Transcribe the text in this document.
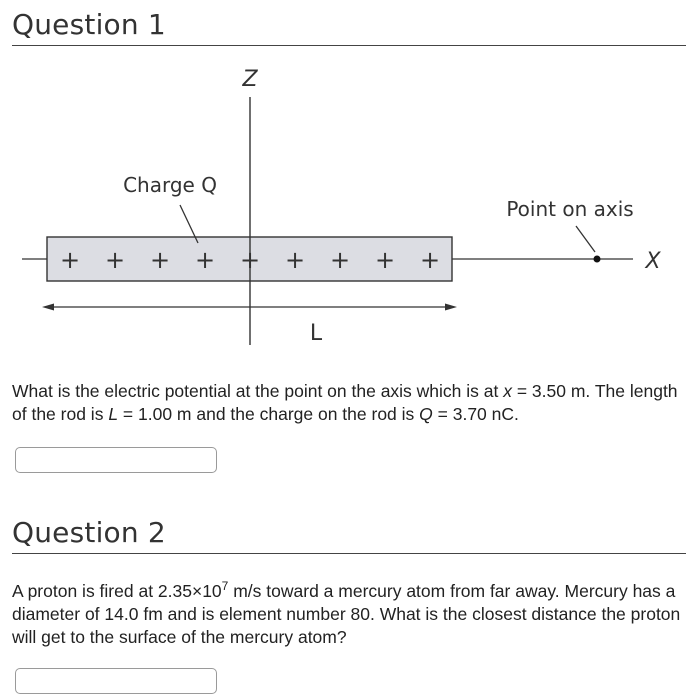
Question 1
+ + + + + + + + +
Z
Charge Q
Point on axis
X
L

What is the electric potential at the point on the axis which is at x = 3.50 m. The length of the rod is L = 1.00 m and the charge on the rod is Q = 3.70 nC.

Question 2

A proton is fired at $2.35\times 10^7$ m/s toward a mercury atom from far away. Mercury has a diameter of 14.0 fm and is element number 80. What is the closest distance the proton will get to the surface of the mercury atom?
